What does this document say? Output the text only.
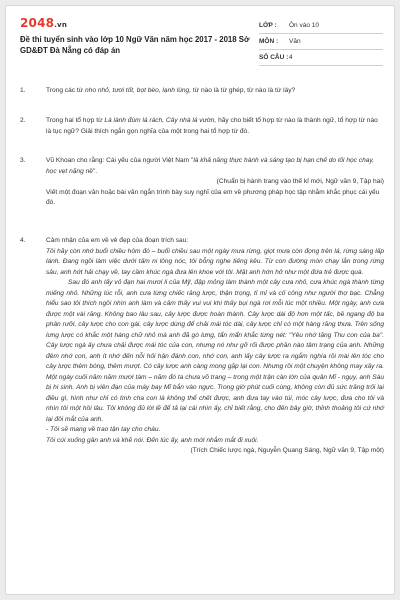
2048.vn
Đề thi tuyển sinh vào lớp 10 Ngữ Văn năm học 2017 - 2018 Sở GD&ĐT Đà Nẵng có đáp án
LỚP :	Ôn vào 10
MÔN :	Văn
SỐ CÂU : 4
1.	Trong các từ nho nhỏ, tươi tốt, bọt bèo, lạnh lùng, từ nào là từ ghép, từ nào là từ láy?
2.	Trong hai tổ hợp từ Lá lành đùm lá rách, Cây nhà lá vườn, hãy cho biết tổ hợp từ nào là thành ngữ, tổ hợp từ nào là tục ngữ? Giải thích ngắn gọn nghĩa của một trong hai tổ hợp từ đó.
3.	Vũ Khoan cho rằng: Cái yếu của người Việt Nam "là khả năng thực hành và sáng tạo bị hạn chế do lối học chay, học vẹt nặng nề".

(Chuẩn bị hành trang vào thế kỉ mới, Ngữ văn 9, Tập hai)

Viết một đoạn văn hoặc bài văn ngắn trình bày suy nghĩ của em về phương pháp học tập nhằm khắc phục cái yếu đó.

4.	Cảm nhận của em về vẻ đẹp của đoạn trích sau:

Tôi hãy còn nhớ buổi chiều hôm đó – buổi chiều sau một ngày mưa rừng, giọt mưa còn đọng trên lá, rừng sáng lấp lánh. Đang ngồi làm việc dưới tấm ni lông nóc, tôi bỗng nghe tiếng kêu. Từ con đường mòn chạy lẫn trong rừng sâu, anh hớt hải chạy về, tay cầm khúc ngà đưa lên khoe với tôi. Mặt anh hớn hở như một đứa trẻ được quà.

Sau đó anh lấy vỏ đạn hai mươi li của Mỹ, đập mỏng làm thành một cây cưa nhỏ, cưa khúc ngà thành từng miếng nhỏ. Những lúc rỗi, anh cưa từng chiếc răng lược, thận trọng, tỉ mỉ và cố công như người thợ bạc. Chẳng hiểu sao tôi thích ngồi nhìn anh làm và cảm thấy vui vui khi thấy bụi ngà rơi mỗi lúc một nhiều. Một ngày, anh cưa được một vài răng. Không bao lâu sau, cây lược được hoàn thành. Cây lược dài độ hơn một tấc, bề ngang độ ba phân rưỡi, cây lược cho con gái, cây lược dùng để chải mái tóc dài, cây lược chỉ có một hàng răng thưa. Trên sống lưng lược có khắc một hàng chữ nhỏ mà anh đã gò lưng, tẩn mẩn khắc từng nét: "Yêu nhớ tặng Thu con của ba". Cây lược ngà ấy chưa chải được mái tóc của con, nhưng nó như gỡ rối được phần nào tâm trạng của anh. Những đêm nhớ con, anh ít nhớ đến nỗi hối hận đánh con, nhớ con, anh lấy cây lược ra ngắm nghía rồi mài lên tóc cho cây lược thêm bóng, thêm mượt. Có cây lược anh càng mong gặp lại con. Nhưng rồi một chuyện không may xảy ra. Một ngày cuối năm năm mươi tám – năm đó ta chưa võ trang – trong một trận càn lớn của quân Mĩ - ngụy, anh Sáu bị hi sinh. Anh bị viên đạn của máy bay Mĩ bắn vào ngực. Trong giờ phút cuối cùng, không còn đủ sức trăng trối lại điều gì, hình như chỉ có tình cha con là không thể chết được, anh đưa tay vào túi, móc cây lược, đưa cho tôi và nhìn tôi một hồi lâu. Tôi không đủ lời lẽ để tả lại cái nhìn ấy, chỉ biết rằng, cho đến bây giờ, thỉnh thoảng tôi cứ nhớ lại đôi mắt của anh.

- Tôi sẽ mang về trao tận tay cho cháu.

Tôi cúi xuống gần anh và khẽ nói. Đến lúc ấy, anh mới nhắm mắt đi xuôi.

(Trích Chiếc lược ngà, Nguyễn Quang Sáng, Ngữ văn 9, Tập một)
